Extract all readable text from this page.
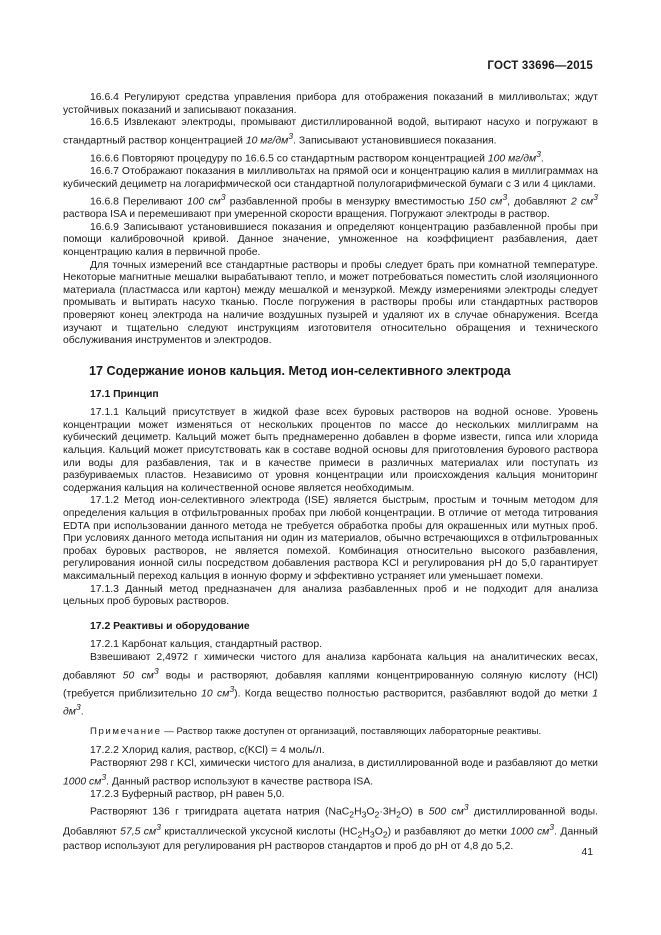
ГОСТ 33696—2015

16.6.4 Регулируют средства управления прибора для отображения показаний в милливольтах; ждут устойчивых показаний и записывают показания.

16.6.5 Извлекают электроды, промывают дистиллированной водой, вытирают насухо и погружают в стандартный раствор концентрацией 10 $мг/дм^3$. Записывают установившиеся показания.

16.6.6 Повторяют процедуру по 16.6.5 со стандартным раствором концентрацией 100 $мг/дм^3$.

16.6.7 Отображают показания в милливольтах на прямой оси и концентрацию калия в миллиграммах на кубический дециметр на логарифмической оси стандартной полулогарифмической бумаги с 3 или 4 циклами.

16.6.8 Переливают 100 $см^3$ разбавленной пробы в мензурку вместимостью 150 $см^3$, добавляют 2 $см^3$ раствора ISA и перемешивают при умеренной скорости вращения. Погружают электроды в раствор.

16.6.9 Записывают установившиеся показания и определяют концентрацию разбавленной пробы при помощи калибровочной кривой. Данное значение, умноженное на коэффициент разбавления, дает концентрацию калия в первичной пробе.

Для точных измерений все стандартные растворы и пробы следует брать при комнатной температуре. Некоторые магнитные мешалки вырабатывают тепло, и может потребоваться поместить слой изоляционного материала (пластмасса или картон) между мешалкой и мензуркой. Между измерениями электроды следует промывать и вытирать насухо тканью. После погружения в растворы пробы или стандартных растворов проверяют конец электрода на наличие воздушных пузырей и удаляют их в случае обнаружения. Всегда изучают и тщательно следуют инструкциям изготовителя относительно обращения и технического обслуживания инструментов и электродов.

17 Содержание ионов кальция. Метод ион-селективного электрода
17.1 Принцип

17.1.1 Кальций присутствует в жидкой фазе всех буровых растворов на водной основе. Уровень концентрации может изменяться от нескольких процентов по массе до нескольких миллиграмм на кубический дециметр. Кальций может быть преднамеренно добавлен в форме извести, гипса или хлорида кальция. Кальций может присутствовать как в составе водной основы для приготовления бурового раствора или воды для разбавления, так и в качестве примеси в различных материалах или поступать из разбуриваемых пластов. Независимо от уровня концентрации или происхождения кальция мониторинг содержания кальция на количественной основе является необходимым.

17.1.2 Метод ион-селективного электрода (ISE) является быстрым, простым и точным методом для определения кальция в отфильтрованных пробах при любой концентрации. В отличие от метода титрования EDTA при использовании данного метода не требуется обработка пробы для окрашенных или мутных проб. При условиях данного метода испытания ни один из материалов, обычно встречающихся в отфильтрованных пробах буровых растворов, не является помехой. Комбинация относительно высокого разбавления, регулирования ионной силы посредством добавления раствора KCl и регулирования pH до 5,0 гарантирует максимальный переход кальция в ионную форму и эффективно устраняет или уменьшает помехи.

17.1.3 Данный метод предназначен для анализа разбавленных проб и не подходит для анализа цельных проб буровых растворов.

17.2 Реактивы и оборудование

17.2.1 Карбонат кальция, стандартный раствор.

Взвешивают 2,4972 г химически чистого для анализа карбоната кальция на аналитических весах, добавляют 50 $см^3$ воды и растворяют, добавляя каплями концентрированную соляную кислоту (HCl) (требуется приблизительно 10 $см^3$). Когда вещество полностью растворится, разбавляют водой до метки 1 $дм^3$.

Примечание — Раствор также доступен от организаций, поставляющих лабораторные реактивы.

17.2.2 Хлорид калия, раствор, c(KCl) = 4 моль/л.

Растворяют 298 г KCl, химически чистого для анализа, в дистиллированной воде и разбавляют до метки 1000 $см^3$. Данный раствор используют в качестве раствора ISA.

17.2.3 Буферный раствор, pH равен 5,0.

Растворяют 136 г тригидрата ацетата натрия $(NaC_2H_3O_2\cdot 3H_2O)$ в 500 $см^3$ дистиллированной воды. Добавляют 57,5 $см^3$ кристаллической уксусной кислоты $(HC_2H_3O_2)$ и разбавляют до метки 1000 $см^3$. Данный раствор используют для регулирования pH растворов стандартов и проб до pH от 4,8 до 5,2.

41
